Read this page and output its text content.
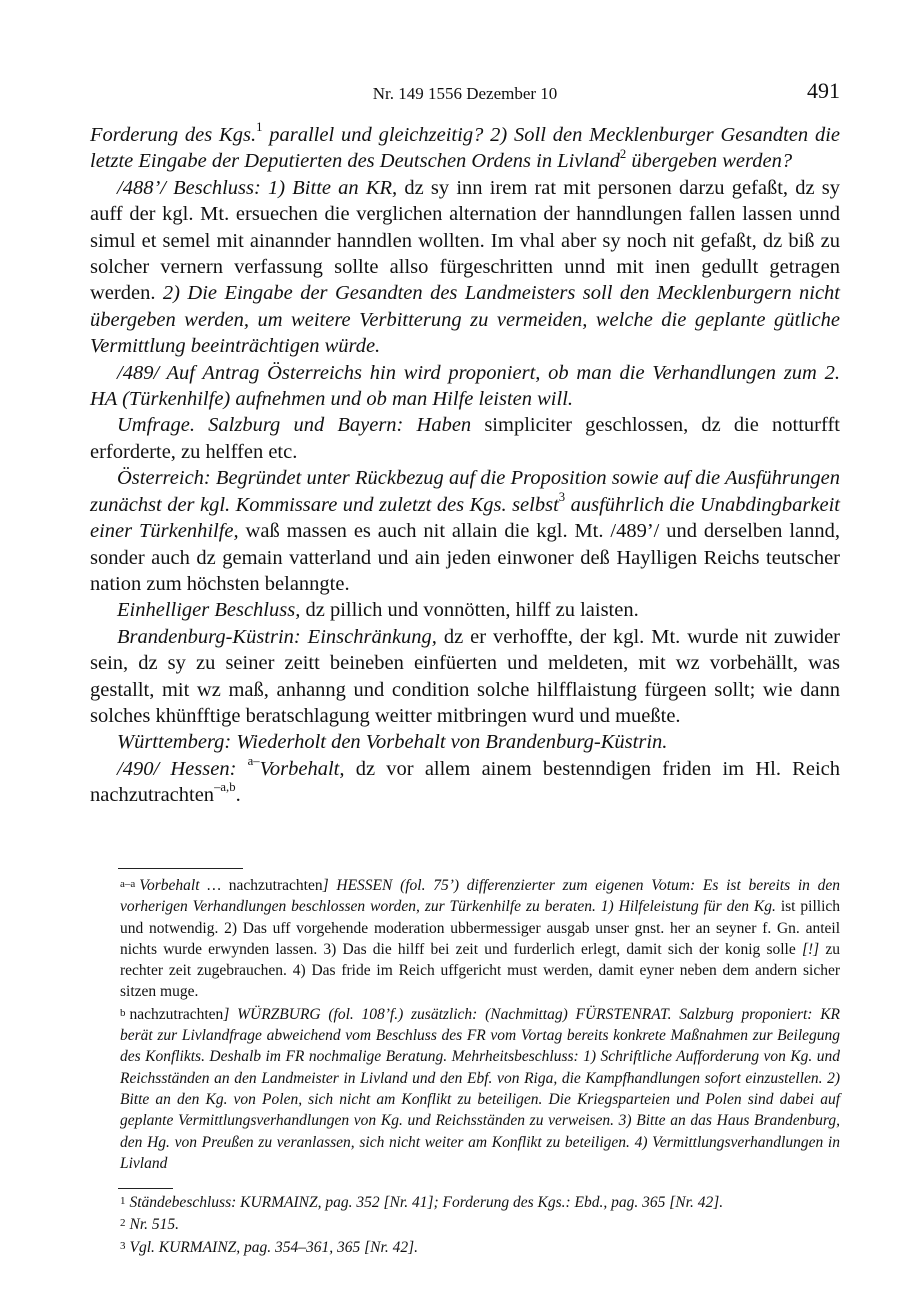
Nr. 149 1556 Dezember 10	491

Forderung des Kgs.$^1$ parallel und gleichzeitig? 2) Soll den Mecklenburger Gesandten die letzte Eingabe der Deputierten des Deutschen Ordens in Livland$^2$ übergeben werden?

/488’/ Beschluss: 1) Bitte an KR, dz sy inn irem rat mit personen darzu gefaßt, dz sy auff der kgl. Mt. ersuechen die verglichen alternation der hanndlungen fallen lassen unnd simul et semel mit ainannder hanndlen wollten. Im vhal aber sy noch nit gefaßt, dz biß zu solcher vernern verfassung sollte allso fürgeschritten unnd mit inen gedullt getragen werden. 2) Die Eingabe der Gesandten des Landmeisters soll den Mecklenburgern nicht übergeben werden, um weitere Verbitterung zu vermeiden, welche die geplante gütliche Vermittlung beeinträchtigen würde.

/489/ Auf Antrag Österreichs hin wird proponiert, ob man die Verhandlungen zum 2. HA (Türkenhilfe) aufnehmen und ob man Hilfe leisten will.

Umfrage. Salzburg und Bayern: Haben simpliciter geschlossen, dz die notturfft erforderte, zu helffen etc.

Österreich: Begründet unter Rückbezug auf die Proposition sowie auf die Ausführungen zunächst der kgl. Kommissare und zuletzt des Kgs. selbst$^3$ ausführlich die Unabdingbarkeit einer Türkenhilfe, waß massen es auch nit allain die kgl. Mt. /489’/ und derselben lannd, sonder auch dz gemain vatterland und ain jeden einwoner deß Haylligen Reichs teutscher nation zum höchsten belanngte.

Einhelliger Beschluss, dz pillich und vonnötten, hilff zu laisten.

Brandenburg-Küstrin: Einschränkung, dz er verhoffte, der kgl. Mt. wurde nit zuwider sein, dz sy zu seiner zeitt beineben einfüerten und meldeten, mit wz vorbehällt, was gestallt, mit wz maß, anhanng und condition solche hilfflaistung fürgeen sollt; wie dann solches khünfftige beratschlagung weitter mitbringen wurd und mueßte.

Württemberg: Wiederholt den Vorbehalt von Brandenburg-Küstrin.

/490/ Hessen: $^{a-}$Vorbehalt, dz vor allem ainem bestenndigen friden im Hl. Reich nachzutrachten$^{-a,b}$.

a–a Vorbehalt … nachzutrachten] HESSEN (fol. 75’) differenzierter zum eigenen Votum: Es ist bereits in den vorherigen Verhandlungen beschlossen worden, zur Türkenhilfe zu beraten. 1) Hilfeleistung für den Kg. ist pillich und notwendig. 2) Das uff vorgehende moderation ubbermessiger ausgab unser gnst. her an seyner f. Gn. anteil nichts wurde erwynden lassen. 3) Das die hilff bei zeit und furderlich erlegt, damit sich der konig solle [!] zu rechter zeit zugebrauchen. 4) Das fride im Reich uffgericht must werden, damit eyner neben dem andern sicher sitzen muge.

b nachzutrachten] WÜRZBURG (fol. 108’f.) zusätzlich: (Nachmittag) FÜRSTENRAT. Salzburg proponiert: KR berät zur Livlandfrage abweichend vom Beschluss des FR vom Vortag bereits konkrete Maßnahmen zur Beilegung des Konflikts. Deshalb im FR nochmalige Beratung. Mehrheitsbeschluss: 1) Schriftliche Aufforderung von Kg. und Reichsständen an den Landmeister in Livland und den Ebf. von Riga, die Kampfhandlungen sofort einzustellen. 2) Bitte an den Kg. von Polen, sich nicht am Konflikt zu beteiligen. Die Kriegsparteien und Polen sind dabei auf geplante Vermittlungsverhandlungen von Kg. und Reichsständen zu verweisen. 3) Bitte an das Haus Brandenburg, den Hg. von Preußen zu veranlassen, sich nicht weiter am Konflikt zu beteiligen. 4) Vermittlungsverhandlungen in Livland

1 Ständebeschluss: KURMAINZ, pag. 352 [Nr. 41]; Forderung des Kgs.: Ebd., pag. 365 [Nr. 42].

2 Nr. 515.

3 Vgl. KURMAINZ, pag. 354–361, 365 [Nr. 42].
